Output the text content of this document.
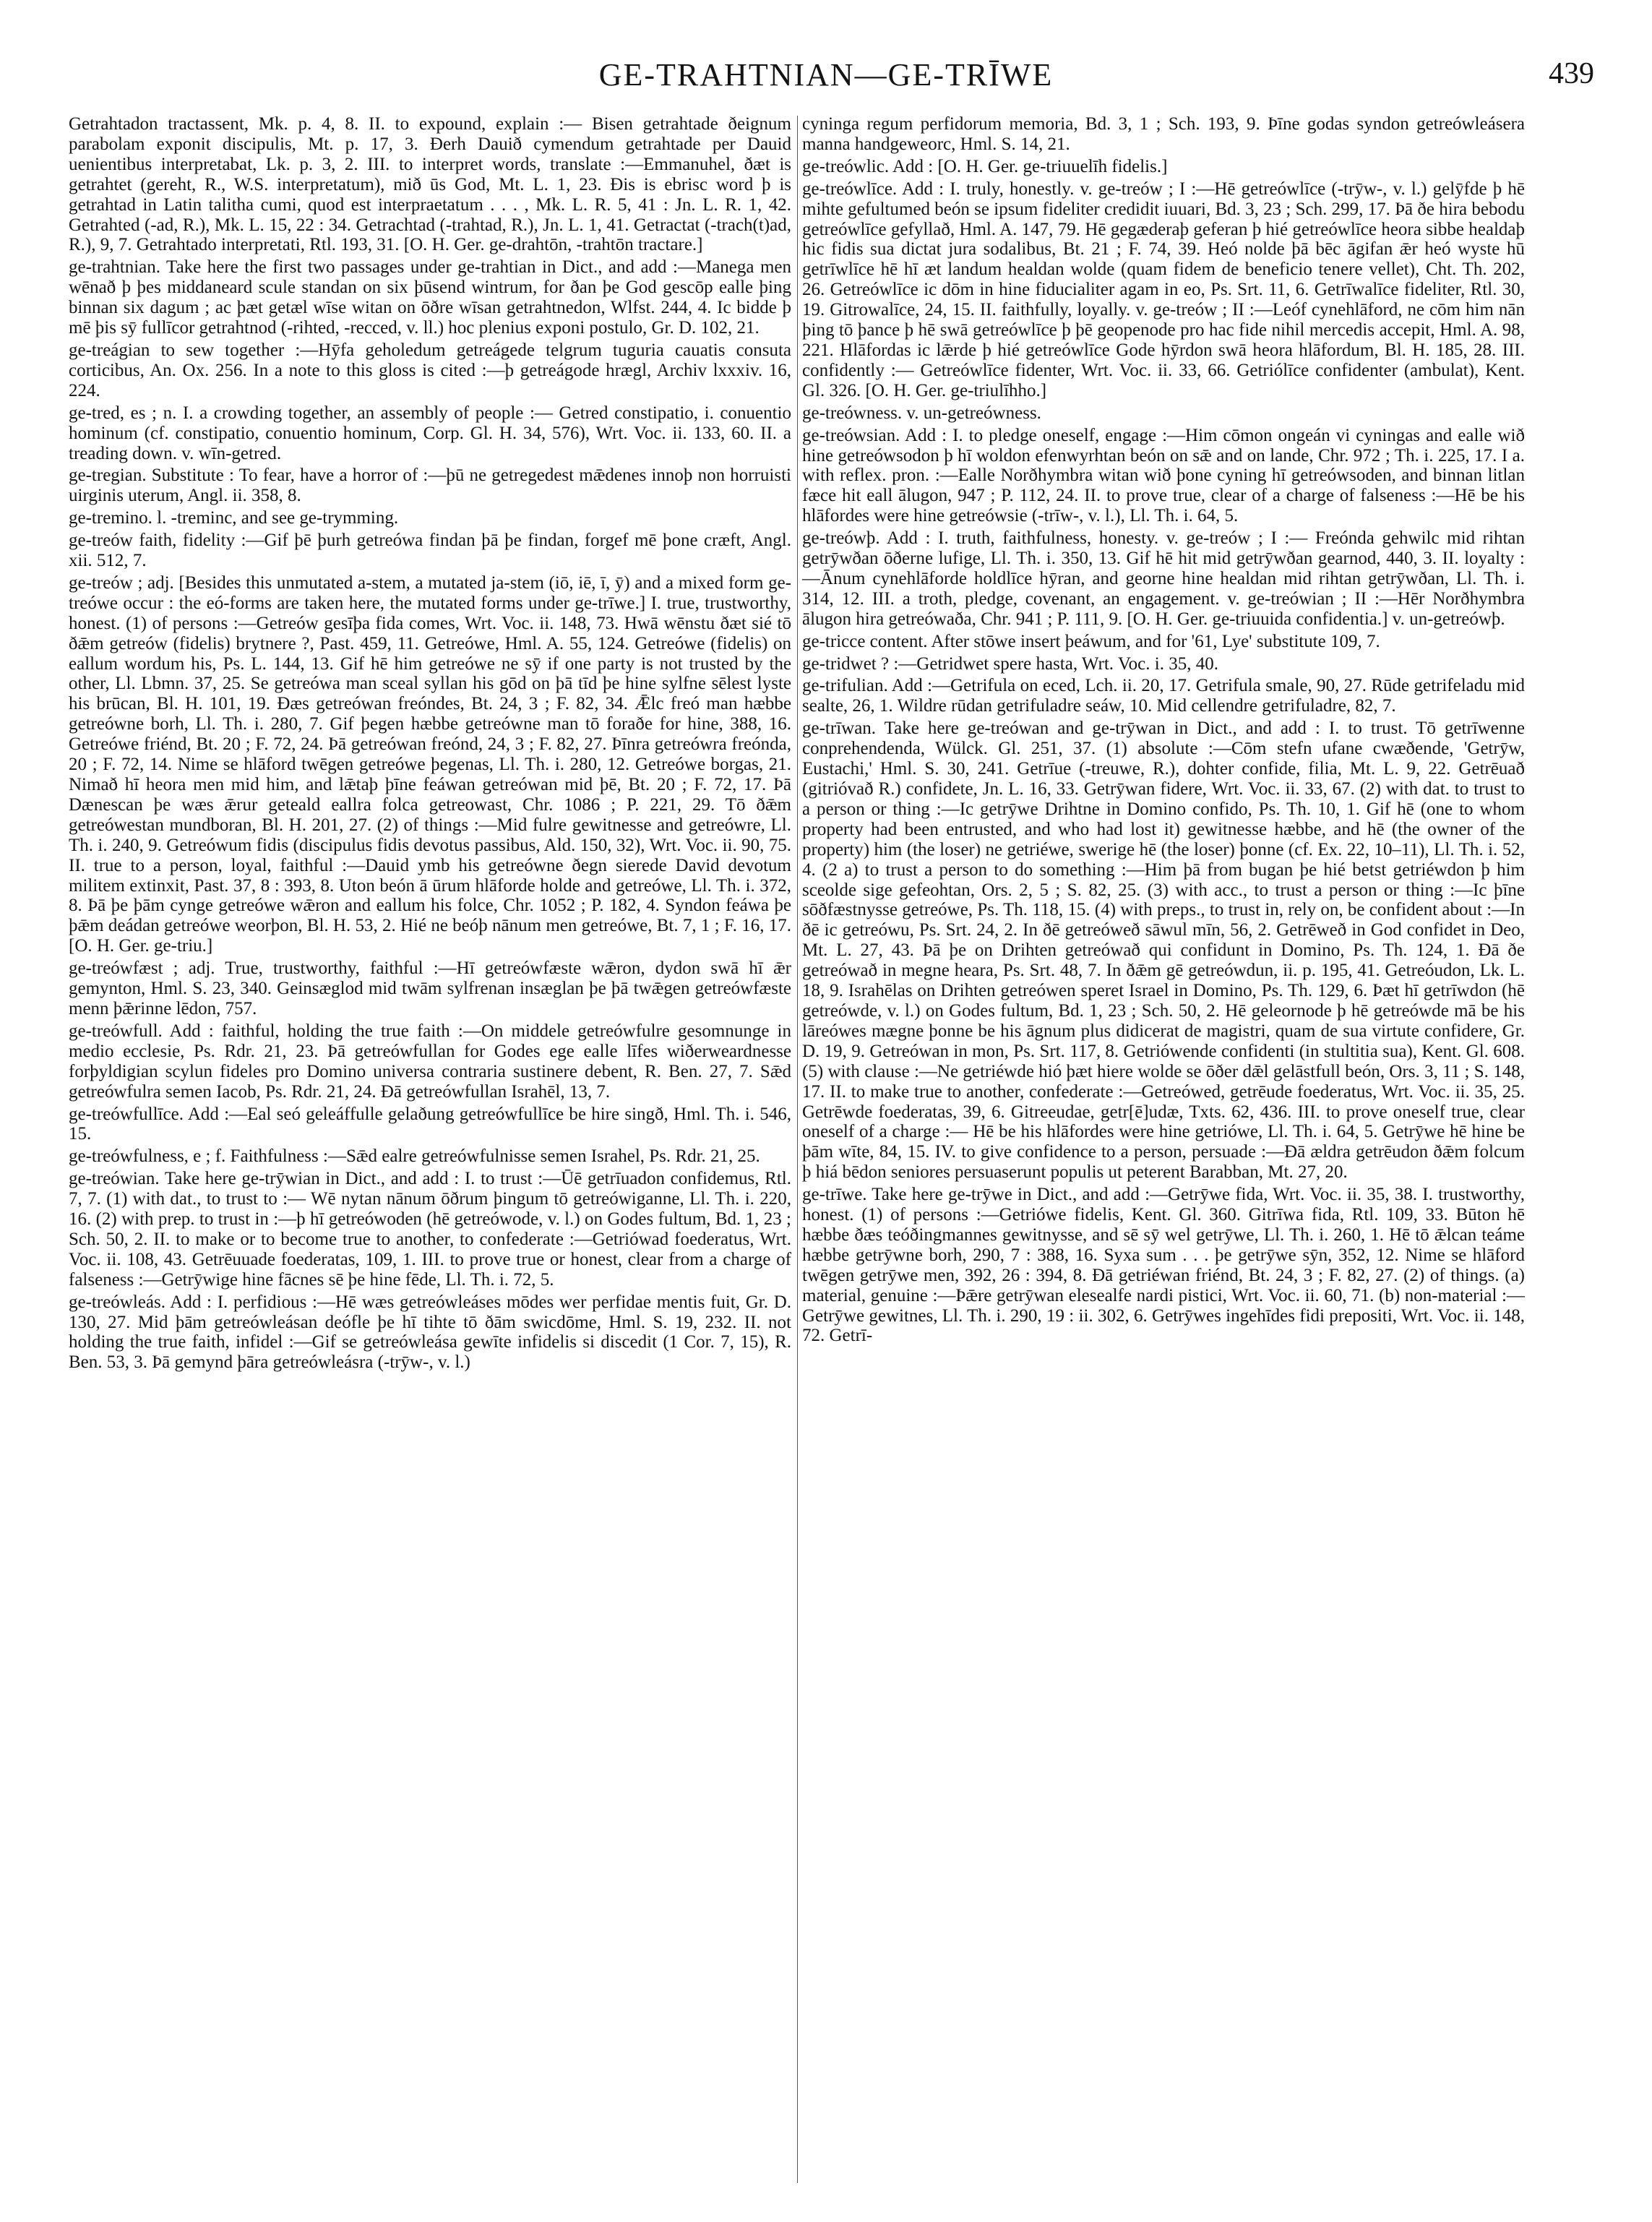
GE-TRAHTNIAN—GE-TRĪWE	439

Getrahtadon tractassent, Mk. p. 4, 8. II. to expound, explain :— Bisen getrahtade ðeignum parabolam exponit discipulis, Mt. p. 17, 3. Ðerh Dauið cymendum getrahtade per Dauid uenientibus interpretabat, Lk. p. 3, 2. III. to interpret words, translate :—Emmanuhel, ðæt is getrahtet (gereht, R., W.S. interpretatum), mið ūs God, Mt. L. 1, 23. Ðis is ebrisc word þ is getrahtad in Latin talitha cumi, quod est interpraetatum . . . , Mk. L. R. 5, 41 : Jn. L. R. 1, 42. Getrahted (-ad, R.), Mk. L. 15, 22 : 34. Getrachtad (-trahtad, R.), Jn. L. 1, 41. Getractat (-trach(t)ad, R.), 9, 7. Getrahtado interpretati, Rtl. 193, 31. [O. H. Ger. ge-drahtōn, -trahtōn tractare.]

ge-trahtnian. Take here the first two passages under ge-trahtian in Dict., and add :—Manega men wēnað þ þes middaneard scule standan on six þūsend wintrum, for ðan þe God gescōp ealle þing binnan six dagum ; ac þæt getæl wīse witan on ōðre wīsan getrahtnedon, Wlfst. 244, 4. Ic bidde þ mē þis sȳ fullīcor getrahtnod (-rihted, -recced, v. ll.) hoc plenius exponi postulo, Gr. D. 102, 21.

ge-treágian to sew together :—Hȳfa geholedum getreágede telgrum tuguria cauatis consuta corticibus, An. Ox. 256. In a note to this gloss is cited :—þ getreágode hrægl, Archiv lxxxiv. 16, 224.

ge-tred, es ; n. I. a crowding together, an assembly of people :— Getred constipatio, i. conuentio hominum (cf. constipatio, conuentio hominum, Corp. Gl. H. 34, 576), Wrt. Voc. ii. 133, 60. II. a treading down. v. wīn-getred.

ge-tregian. Substitute : To fear, have a horror of :—þū ne getregedest mǣdenes innoþ non horruisti uirginis uterum, Angl. ii. 358, 8.

ge-tremino. l. -treminc, and see ge-trymming.

ge-treów faith, fidelity :—Gif þē þurh getreówa findan þā þe findan, forgef mē þone cræft, Angl. xii. 512, 7.

ge-treów ; adj. [Besides this unmutated a-stem, a mutated ja-stem (iō, iē, ī, ȳ) and a mixed form ge-treówe occur : the eó-forms are taken here, the mutated forms under ge-trīwe.] I. true, trustworthy, honest. (1) of persons :—Getreów gesīþa fida comes, Wrt. Voc. ii. 148, 73. Hwā wēnstu ðæt sié tō ðǣm getreów (fidelis) brytnere ?, Past. 459, 11. Getreówe, Hml. A. 55, 124. Getreówe (fidelis) on eallum wordum his, Ps. L. 144, 13. Gif hē him getreówe ne sȳ if one party is not trusted by the other, Ll. Lbmn. 37, 25. Se getreówa man sceal syllan his gōd on þā tīd þe hine sylfne sēlest lyste his brūcan, Bl. H. 101, 19. Ðæs getreówan freóndes, Bt. 24, 3 ; F. 82, 34. Ǣlc freó man hæbbe getreówne borh, Ll. Th. i. 280, 7. Gif þegen hæbbe getreówne man tō foraðe for hine, 388, 16. Getreówe friénd, Bt. 20 ; F. 72, 24. Þā getreówan freónd, 24, 3 ; F. 82, 27. Þīnra getreówra freónda, 20 ; F. 72, 14. Nime se hlāford twēgen getreówe þegenas, Ll. Th. i. 280, 12. Getreówe borgas, 21. Nimað hī heora men mid him, and lǣtaþ þīne feáwan getreówan mid þē, Bt. 20 ; F. 72, 17. Þā Dænescan þe wæs ǣrur geteald eallra folca getreowast, Chr. 1086 ; P. 221, 29. Tō ðǣm getreówestan mundboran, Bl. H. 201, 27. (2) of things :—Mid fulre gewitnesse and getreówre, Ll. Th. i. 240, 9. Getreówum fidis (discipulus fidis devotus passibus, Ald. 150, 32), Wrt. Voc. ii. 90, 75. II. true to a person, loyal, faithful :—Dauid ymb his getreówne ðegn sierede David devotum militem extinxit, Past. 37, 8 : 393, 8. Uton beón ā ūrum hlāforde holde and getreówe, Ll. Th. i. 372, 8. Þā þe þām cynge getreówe wǣron and eallum his folce, Chr. 1052 ; P. 182, 4. Syndon feáwa þe þǣm deádan getreówe weorþon, Bl. H. 53, 2. Hié ne beóþ nānum men getreówe, Bt. 7, 1 ; F. 16, 17. [O. H. Ger. ge-triu.]

ge-treówfæst ; adj. True, trustworthy, faithful :—Hī getreówfæste wǣron, dydon swā hī ǣr gemynton, Hml. S. 23, 340. Geinsæglod mid twām sylfrenan insæglan þe þā twǣgen getreówfæste menn þǣrinne lēdon, 757.

ge-treówfull. Add : faithful, holding the true faith :—On middele getreówfulre gesomnunge in medio ecclesie, Ps. Rdr. 21, 23. Þā getreówfullan for Godes ege ealle līfes wiðerweardnesse forþyldigian scylun fideles pro Domino universa contraria sustinere debent, R. Ben. 27, 7. Sǣd getreówfulra semen Iacob, Ps. Rdr. 21, 24. Ðā getreówfullan Israhēl, 13, 7.

ge-treówfullīce. Add :—Eal seó geleáffulle gelaðung getreówfullīce be hire singð, Hml. Th. i. 546, 15.

ge-treówfulness, e ; f. Faithfulness :—Sǣd ealre getreówfulnisse semen Israhel, Ps. Rdr. 21, 25.

ge-treówian. Take here ge-trȳwian in Dict., and add : I. to trust :—Ūē getrīuadon confidemus, Rtl. 7, 7. (1) with dat., to trust to :— Wē nytan nānum ōðrum þingum tō getreówiganne, Ll. Th. i. 220, 16. (2) with prep. to trust in :—þ hī getreówoden (hē getreówode, v. l.) on Godes fultum, Bd. 1, 23 ; Sch. 50, 2. II. to make or to become true to another, to confederate :—Getriówad foederatus, Wrt. Voc. ii. 108, 43. Getrēuuade foederatas, 109, 1. III. to prove true or honest, clear from a charge of falseness :—Getrȳwige hine fācnes sē þe hine fēde, Ll. Th. i. 72, 5.

ge-treówleás. Add : I. perfidious :—Hē wæs getreówleáses mōdes wer perfidae mentis fuit, Gr. D. 130, 27. Mid þām getreówleásan deófle þe hī tihte tō ðām swicdōme, Hml. S. 19, 232. II. not holding the true faith, infidel :—Gif se getreówleása gewīte infidelis si discedit (1 Cor. 7, 15), R. Ben. 53, 3. Þā gemynd þāra getreówleásra (-trȳw-, v. l.)

cyninga regum perfidorum memoria, Bd. 3, 1 ; Sch. 193, 9. Þīne godas syndon getreówleásera manna handgeweorc, Hml. S. 14, 21.

ge-treówlic. Add : [O. H. Ger. ge-triuuelīh fidelis.]

ge-treówlīce. Add : I. truly, honestly. v. ge-treów ; I :—Hē getreówlīce (-trȳw-, v. l.) gelȳfde þ hē mihte gefultumed beón se ipsum fideliter credidit iuuari, Bd. 3, 23 ; Sch. 299, 17. Þā ðe hira bebodu getreówlīce gefyllað, Hml. A. 147, 79. Hē gegæderaþ geferan þ hié getreówlīce heora sibbe healdaþ hic fidis sua dictat jura sodalibus, Bt. 21 ; F. 74, 39. Heó nolde þā bēc āgifan ǣr heó wyste hū getrīwlīce hē hī æt landum healdan wolde (quam fidem de beneficio tenere vellet), Cht. Th. 202, 26. Getreówlīce ic dōm in hine fiducialiter agam in eo, Ps. Srt. 11, 6. Getrīwalīce fideliter, Rtl. 30, 19. Gitrowalīce, 24, 15. II. faithfully, loyally. v. ge-treów ; II :—Leóf cynehlāford, ne cōm him nān þing tō þance þ hē swā getreówlīce þ þē geopenode pro hac fide nihil mercedis accepit, Hml. A. 98, 221. Hlāfordas ic lǣrde þ hié getreówlīce Gode hȳrdon swā heora hlāfordum, Bl. H. 185, 28. III. confidently :— Getreówlīce fidenter, Wrt. Voc. ii. 33, 66. Getriólīce confidenter (ambulat), Kent. Gl. 326. [O. H. Ger. ge-triulīhho.]

ge-treówness. v. un-getreówness.

ge-treówsian. Add : I. to pledge oneself, engage :—Him cōmon ongeán vi cyningas and ealle wið hine getreówsodon þ hī woldon efenwyrhtan beón on sǣ and on lande, Chr. 972 ; Th. i. 225, 17. I a. with reflex. pron. :—Ealle Norðhymbra witan wið þone cyning hī getreówsoden, and binnan litlan fæce hit eall ālugon, 947 ; P. 112, 24. II. to prove true, clear of a charge of falseness :—Hē be his hlāfordes were hine getreówsie (-trīw-, v. l.), Ll. Th. i. 64, 5.

ge-treówþ. Add : I. truth, faithfulness, honesty. v. ge-treów ; I :— Freónda gehwilc mid rihtan getrȳwðan ōðerne lufige, Ll. Th. i. 350, 13. Gif hē hit mid getrȳwðan gearnod, 440, 3. II. loyalty :—Ānum cynehlāforde holdlīce hȳran, and georne hine healdan mid rihtan getrȳwðan, Ll. Th. i. 314, 12. III. a troth, pledge, covenant, an engagement. v. ge-treówian ; II :—Hēr Norðhymbra ālugon hira getreówaða, Chr. 941 ; P. 111, 9. [O. H. Ger. ge-triuuida confidentia.] v. un-getreówþ.

ge-tricce content. After stōwe insert þeáwum, and for '61, Lye' substitute 109, 7.

ge-tridwet ? :—Getridwet spere hasta, Wrt. Voc. i. 35, 40.

ge-trifulian. Add :—Getrifula on eced, Lch. ii. 20, 17. Getrifula smale, 90, 27. Rūde getrifeladu mid sealte, 26, 1. Wildre rūdan getrifuladre seáw, 10. Mid cellendre getrifuladre, 82, 7.

ge-trīwan. Take here ge-treówan and ge-trȳwan in Dict., and add : I. to trust. Tō getrīwenne conprehendenda, Wülck. Gl. 251, 37. (1) absolute :—Cōm stefn ufane cwæðende, 'Getrȳw, Eustachi,' Hml. S. 30, 241. Getrīue (-treuwe, R.), dohter confide, filia, Mt. L. 9, 22. Getrēuað (gitrióvað R.) confidete, Jn. L. 16, 33. Getrȳwan fidere, Wrt. Voc. ii. 33, 67. (2) with dat. to trust to a person or thing :—Ic getrȳwe Drihtne in Domino confido, Ps. Th. 10, 1. Gif hē (one to whom property had been entrusted, and who had lost it) gewitnesse hæbbe, and hē (the owner of the property) him (the loser) ne getriéwe, swerige hē (the loser) þonne (cf. Ex. 22, 10–11), Ll. Th. i. 52, 4. (2 a) to trust a person to do something :—Him þā from bugan þe hié betst getriéwdon þ him sceolde sige gefeohtan, Ors. 2, 5 ; S. 82, 25. (3) with acc., to trust a person or thing :—Ic þīne sōðfæstnysse getreówe, Ps. Th. 118, 15. (4) with preps., to trust in, rely on, be confident about :—In ðē ic getreówu, Ps. Srt. 24, 2. In ðē getreóweð sāwul mīn, 56, 2. Getrēweð in God confidet in Deo, Mt. L. 27, 43. Þā þe on Drihten getreówað qui confidunt in Domino, Ps. Th. 124, 1. Ðā ðe getreówað in megne heara, Ps. Srt. 48, 7. In ðǣm gē getreówdun, ii. p. 195, 41. Getreóudon, Lk. L. 18, 9. Israhēlas on Drihten getreówen speret Israel in Domino, Ps. Th. 129, 6. Þæt hī getrīwdon (hē getreówde, v. l.) on Godes fultum, Bd. 1, 23 ; Sch. 50, 2. Hē geleornode þ hē getreówde mā be his lāreówes mægne þonne be his āgnum plus didicerat de magistri, quam de sua virtute confidere, Gr. D. 19, 9. Getreówan in mon, Ps. Srt. 117, 8. Getriówende confidenti (in stultitia sua), Kent. Gl. 608. (5) with clause :—Ne getriéwde hió þæt hiere wolde se ōðer dǣl gelāstfull beón, Ors. 3, 11 ; S. 148, 17. II. to make true to another, confederate :—Getreówed, getrēude foederatus, Wrt. Voc. ii. 35, 25. Getrēwde foederatas, 39, 6. Gitreeudae, getr[ē]udæ, Txts. 62, 436. III. to prove oneself true, clear oneself of a charge :— Hē be his hlāfordes were hine getriówe, Ll. Th. i. 64, 5. Getrȳwe hē hine be þām wīte, 84, 15. IV. to give confidence to a person, persuade :—Ðā ældra getrēudon ðǣm folcum þ hiá bēdon seniores persuaserunt populis ut peterent Barabban, Mt. 27, 20.

ge-trīwe. Take here ge-trȳwe in Dict., and add :—Getrȳwe fida, Wrt. Voc. ii. 35, 38. I. trustworthy, honest. (1) of persons :—Getriówe fidelis, Kent. Gl. 360. Gitrīwa fida, Rtl. 109, 33. Būton hē hæbbe ðæs teóðingmannes gewitnysse, and sē sȳ wel getrȳwe, Ll. Th. i. 260, 1. Hē tō ǣlcan teáme hæbbe getrȳwne borh, 290, 7 : 388, 16. Syxa sum . . . þe getrȳwe sȳn, 352, 12. Nime se hlāford twēgen getrȳwe men, 392, 26 : 394, 8. Ðā getriéwan friénd, Bt. 24, 3 ; F. 82, 27. (2) of things. (a) material, genuine :—Þǣre getrȳwan elesealfe nardi pistici, Wrt. Voc. ii. 60, 71. (b) non-material :—Getrȳwe gewitnes, Ll. Th. i. 290, 19 : ii. 302, 6. Getrȳwes ingehīdes fidi prepositi, Wrt. Voc. ii. 148, 72. Getrī-
